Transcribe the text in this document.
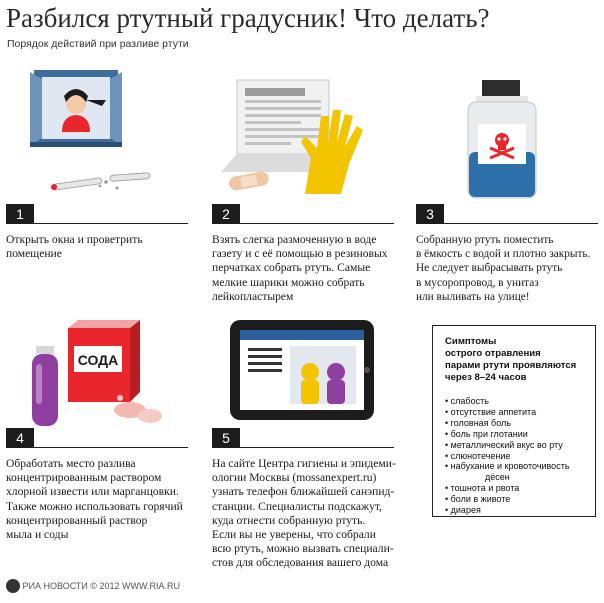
Разбился ртутный градусник! Что делать?
Порядок действий при разливе ртути
СОДА
1
Открыть окна и проветрить
помещение
2
Взять слегка размоченную в воде
газету и с её помощью в резиновых
перчатках собрать ртуть. Самые
мелкие шарики можно собрать
лейкопластырем
3
Собранную ртуть поместить
в ёмкость с водой и плотно закрыть.
Не следует выбрасывать ртуть
в мусоропровод, в унитаз
или выливать на улице!
4
Обработать место разлива
концентрированным раствором
хлорной извести или марганцовки.
Также можно использовать горячий
концентрированный раствор
мыла и соды
5
На сайте Центра гигиены и эпидеми-
ологии Москвы (mossanexpert.ru)
узнать телефон ближайшей санэпид-
станции. Специалисты подскажут,
куда отнести собранную ртуть.
Если вы не уверены, что собрали
всю ртуть, можно вызвать специали-
стов для обследования вашего дома
Симптомы
острого отравления
парами ртути проявляются
через 8–24 часов
• слабость
• отсутствие аппетита
• головная боль
• боль при глотании
• металлический вкус во рту
• слюнотечение
• набухание и кровоточивость
дёсен
• тошнота и рвота
• боли в животе
• диарея
РИА НОВОСТИ © 2012 WWW.RIA.RU
